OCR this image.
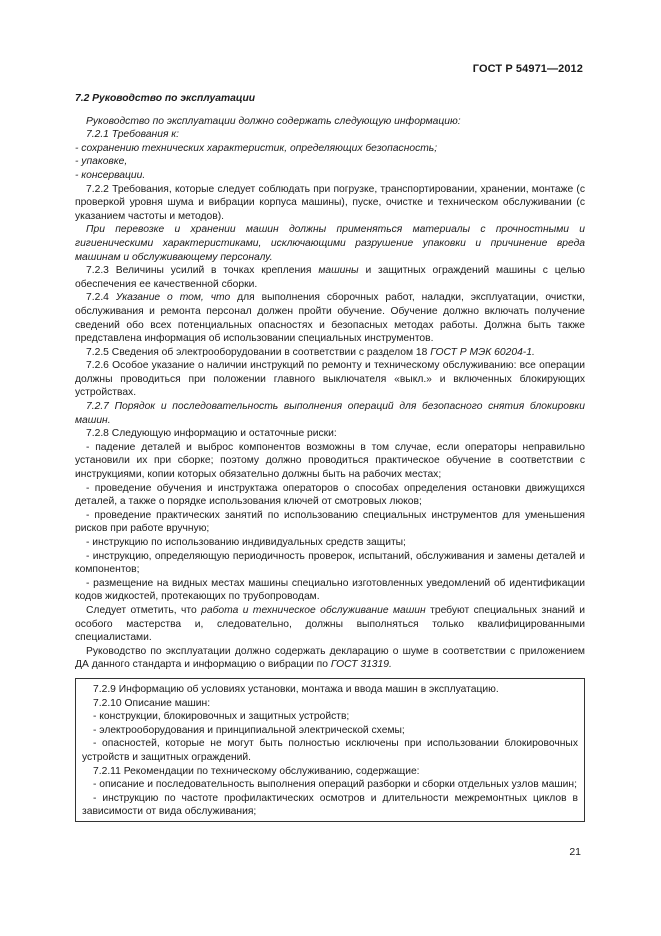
ГОСТ Р 54971—2012

7.2 Руководство по эксплуатации

Руководство по эксплуатации должно содержать следующую информацию:

7.2.1 Требования к:

- сохранению технических характеристик, определяющих безопасность;

- упаковке,

- консервации.

7.2.2 Требования, которые следует соблюдать при погрузке, транспортировании, хранении, монтаже (с проверкой уровня шума и вибрации корпуса машины), пуске, очистке и техническом обслуживании (с указанием частоты и методов).

При перевозке и хранении машин должны применяться материалы с прочностными и гигиеническими характеристиками, исключающими разрушение упаковки и причинение вреда машинам и обслуживающему персоналу.

7.2.3 Величины усилий в точках крепления машины и защитных ограждений машины с целью обеспечения ее качественной сборки.

7.2.4 Указание о том, что для выполнения сборочных работ, наладки, эксплуатации, очистки, обслуживания и ремонта персонал должен пройти обучение. Обучение должно включать получение сведений обо всех потенциальных опасностях и безопасных методах работы. Должна быть также представлена информация об использовании специальных инструментов.

7.2.5 Сведения об электрооборудовании в соответствии с разделом 18 ГОСТ Р МЭК 60204-1.

7.2.6 Особое указание о наличии инструкций по ремонту и техническому обслуживанию: все операции должны проводиться при положении главного выключателя «выкл.» и включенных блокирующих устройствах.

7.2.7 Порядок и последовательность выполнения операций для безопасного снятия блокировки машин.

7.2.8 Следующую информацию и остаточные риски:

- падение деталей и выброс компонентов возможны в том случае, если операторы неправильно установили их при сборке; поэтому должно проводиться практическое обучение в соответствии с инструкциями, копии которых обязательно должны быть на рабочих местах;

- проведение обучения и инструктажа операторов о способах определения остановки движущихся деталей, а также о порядке использования ключей от смотровых люков;

- проведение практических занятий по использованию специальных инструментов для уменьшения рисков при работе вручную;

- инструкцию по использованию индивидуальных средств защиты;

- инструкцию, определяющую периодичность проверок, испытаний, обслуживания и замены деталей и компонентов;

- размещение на видных местах машины специально изготовленных уведомлений об идентификации кодов жидкостей, протекающих по трубопроводам.

Следует отметить, что работа и техническое обслуживание машин требуют специальных знаний и особого мастерства и, следовательно, должны выполняться только квалифицированными специалистами.

Руководство по эксплуатации должно содержать декларацию о шуме в соответствии с приложением ДА данного стандарта и информацию о вибрации по ГОСТ 31319.

7.2.9 Информацию об условиях установки, монтажа и ввода машин в эксплуатацию.

7.2.10 Описание машин:

- конструкции, блокировочных и защитных устройств;

- электрооборудования и принципиальной электрической схемы;

- опасностей, которые не могут быть полностью исключены при использовании блокировочных устройств и защитных ограждений.

7.2.11 Рекомендации по техническому обслуживанию, содержащие:

- описание и последовательность выполнения операций разборки и сборки отдельных узлов машин;

- инструкцию по частоте профилактических осмотров и длительности межремонтных циклов в зависимости от вида обслуживания;

21
